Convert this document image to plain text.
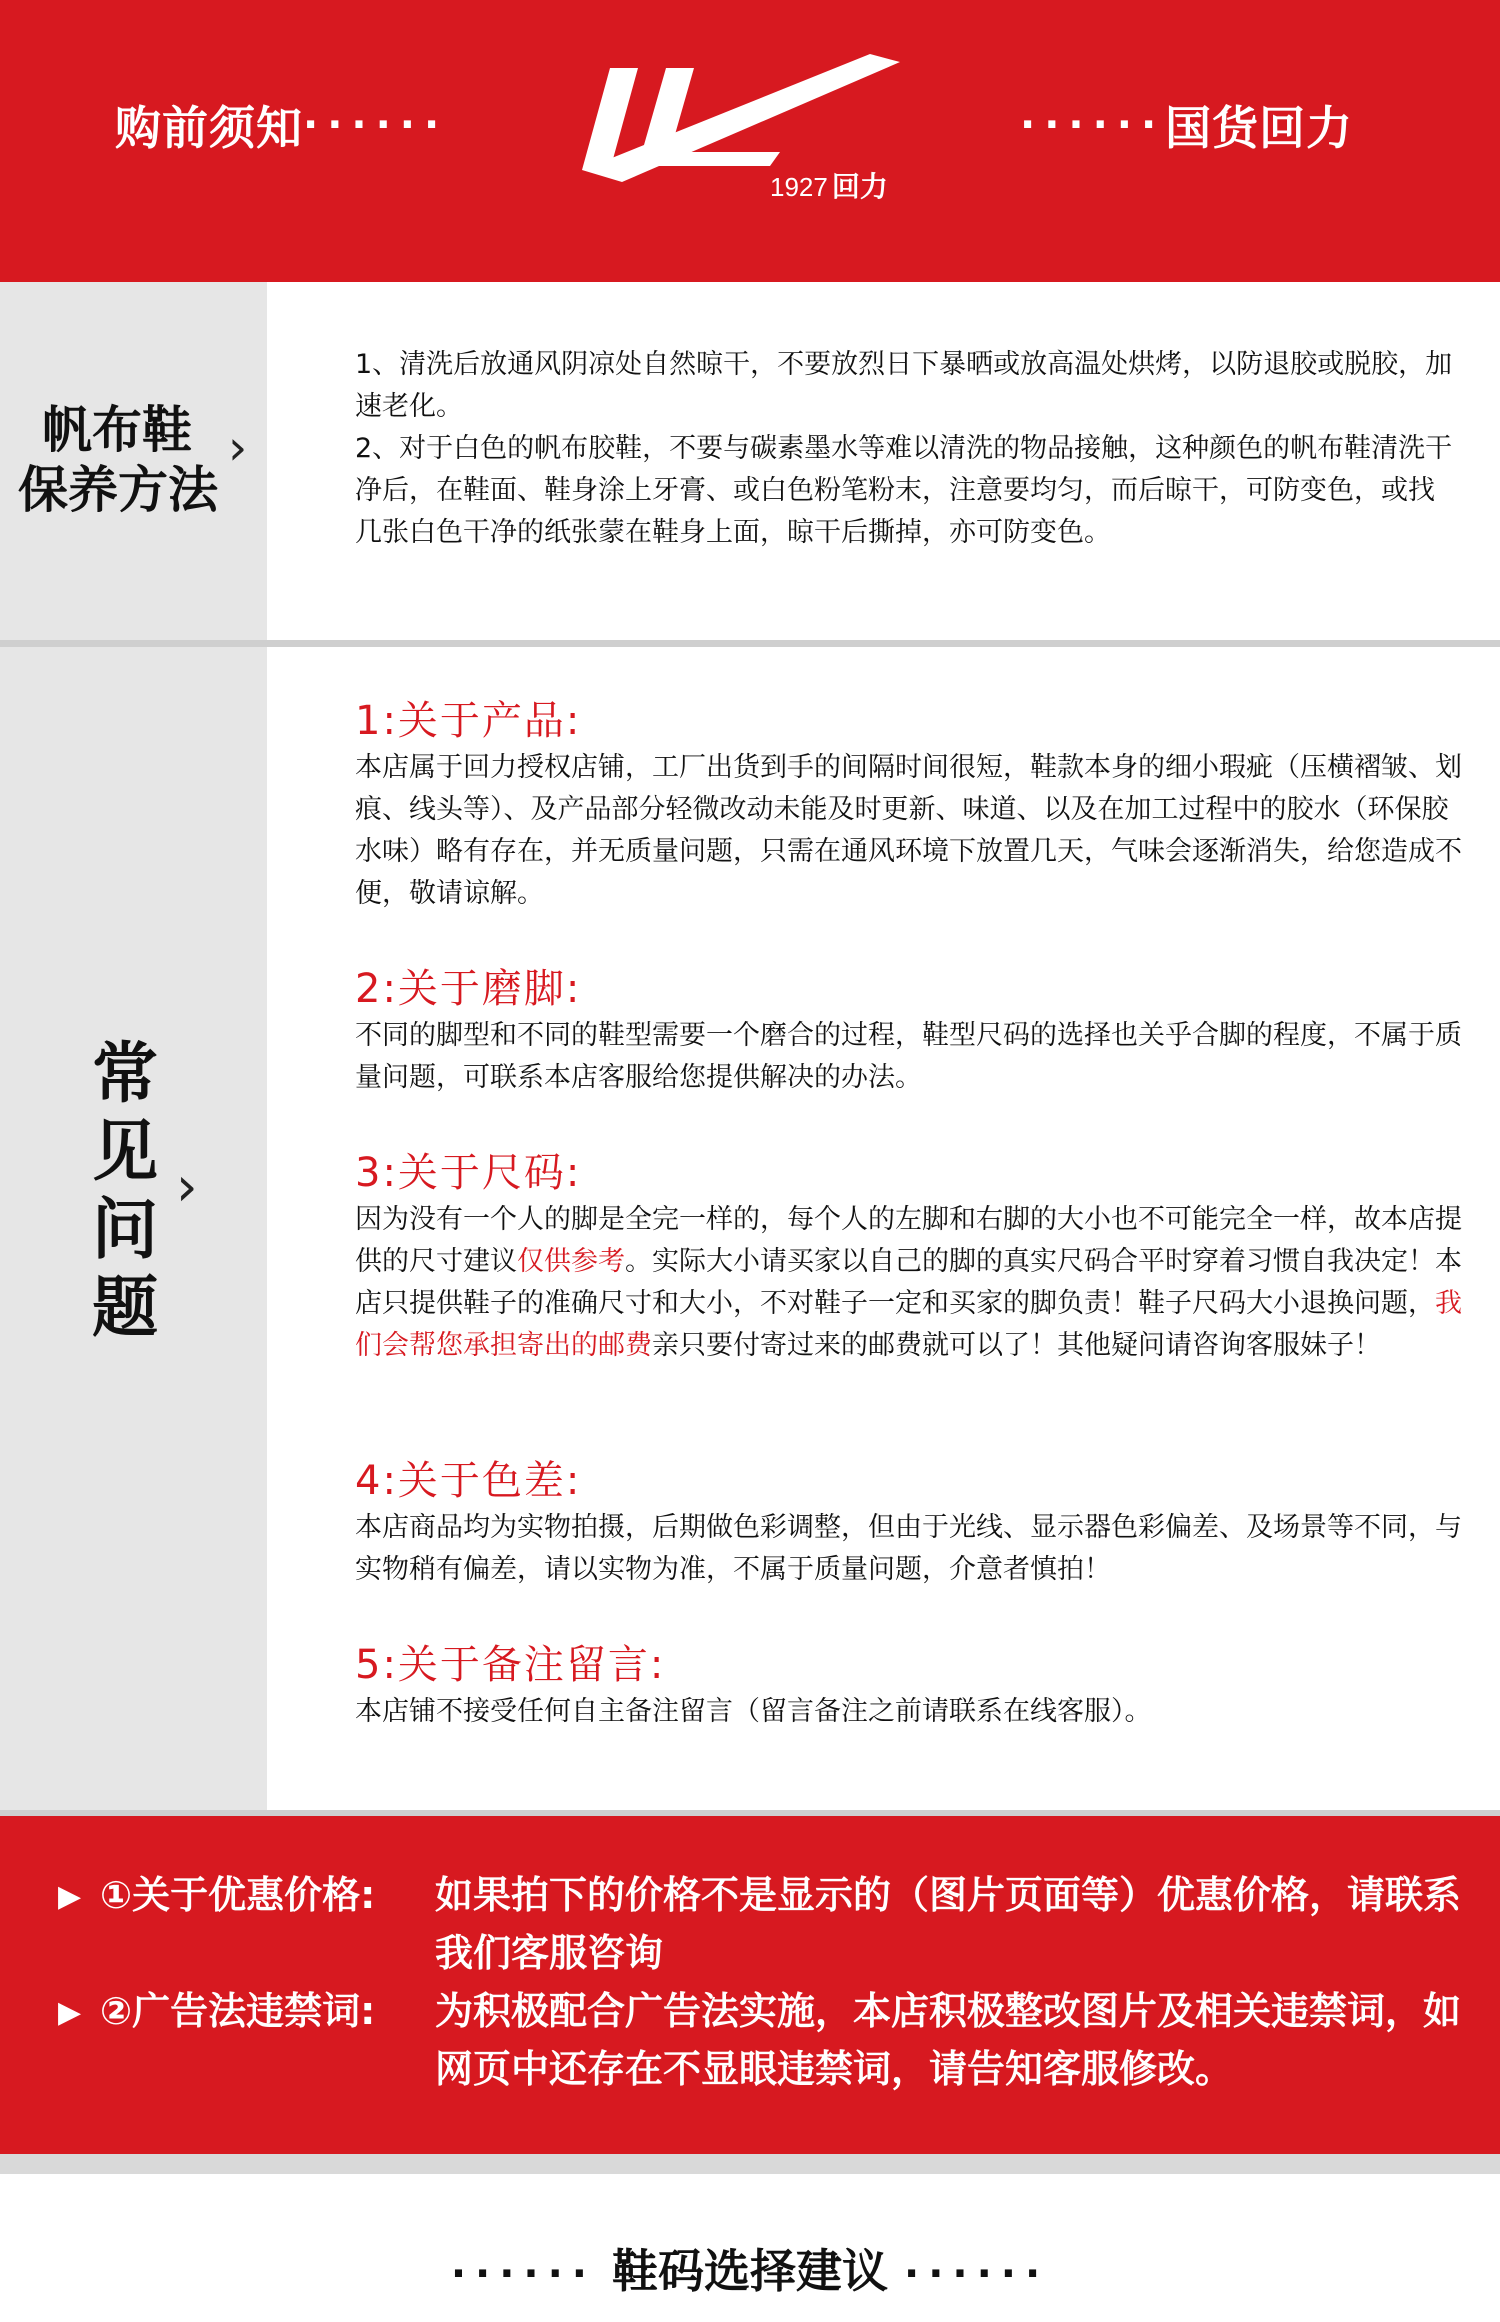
购前须知 ······
1927 回力
······ 国货回力
帆布鞋
保养方法
›

1、清洗后放通风阴凉处自然晾干，不要放烈日下暴晒或放高温处烘烤，以防退胶或脱胶，加速老化。

2、对于白色的帆布胶鞋，不要与碳素墨水等难以清洗的物品接触，这种颜色的帆布鞋清洗干净后，在鞋面、鞋身涂上牙膏、或白色粉笔粉末，注意要均匀，而后晾干，可防变色，或找几张白色干净的纸张蒙在鞋身上面，晾干后撕掉，亦可防变色。

常见问题
›
1:关于产品:

本店属于回力授权店铺，工厂出货到手的间隔时间很短，鞋款本身的细小瑕疵（压横褶皱、划痕、线头等）、及产品部分轻微改动未能及时更新、味道、以及在加工过程中的胶水（环保胶水味）略有存在，并无质量问题，只需在通风环境下放置几天，气味会逐渐消失，给您造成不便，敬请谅解。

2:关于磨脚:

不同的脚型和不同的鞋型需要一个磨合的过程，鞋型尺码的选择也关乎合脚的程度，不属于质量问题，可联系本店客服给您提供解决的办法。

3:关于尺码:

因为没有一个人的脚是全完一样的，每个人的左脚和右脚的大小也不可能完全一样，故本店提供的尺寸建议仅供参考。实际大小请买家以自己的脚的真实尺码合平时穿着习惯自我决定！本店只提供鞋子的准确尺寸和大小，不对鞋子一定和买家的脚负责！鞋子尺码大小退换问题，我们会帮您承担寄出的邮费亲只要付寄过来的邮费就可以了！其他疑问请咨询客服妹子！

4:关于色差:

本店商品均为实物拍摄，后期做色彩调整，但由于光线、显示器色彩偏差、及场景等不同，与实物稍有偏差，请以实物为准，不属于质量问题，介意者慎拍！

5:关于备注留言:

本店铺不接受任何自主备注留言（留言备注之前请联系在线客服）。

▶ ①关于优惠价格: 如果拍下的价格不是显示的（图片页面等）优惠价格，请联系我们客服咨询
▶ ②广告法违禁词: 为积极配合广告法实施，本店积极整改图片及相关违禁词，如网页中还存在不显眼违禁词，请告知客服修改。
······ 鞋码选择建议 ······
